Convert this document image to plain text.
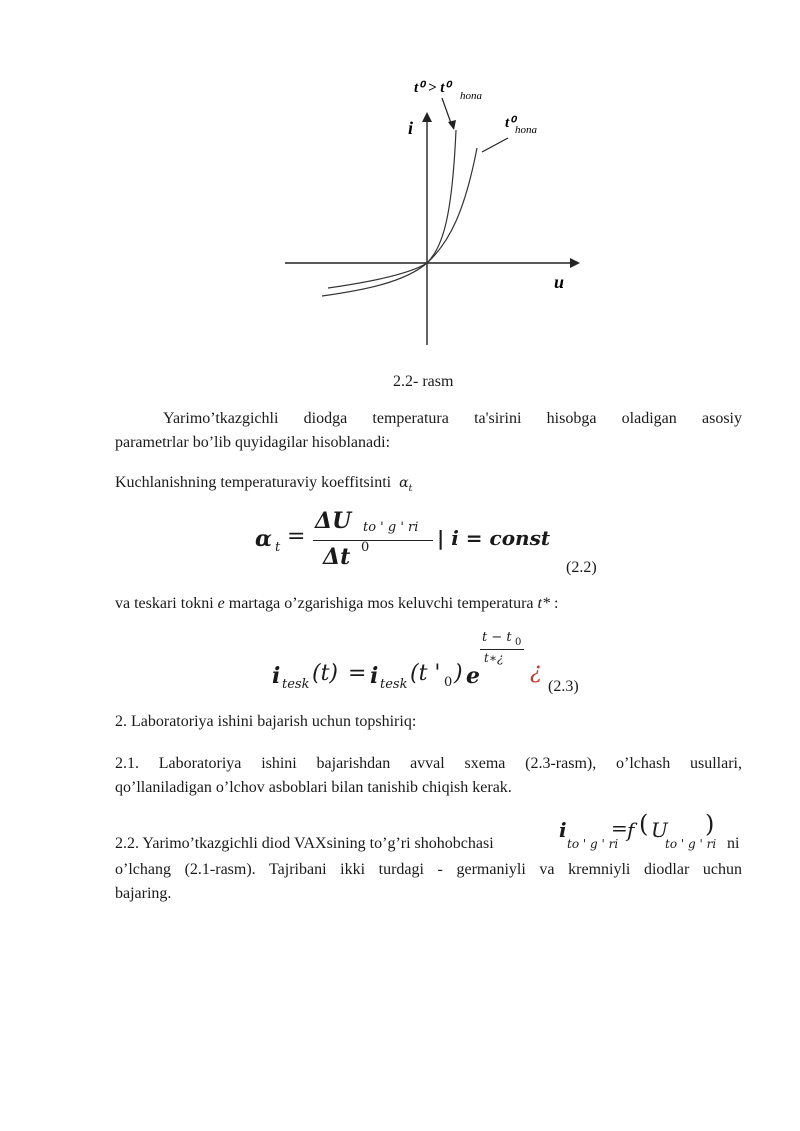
i
u
t⁰ > t⁰ hona
t⁰ hona
2.2- rasm
Yarimo’tkazgichli diodga temperatura ta'sirini hisobga oladigan asosiy
parametrlar bo’lib quyidagilar hisoblanadi:
Kuchlanishning temperaturaviy koeffitsinti $\alpha_t$
α t =
ΔU to ' g ' ri
Δt 0	| i = const
(2.2)
va teskari tokni e martaga o’zgarishiga mos keluvchi temperatura t* :
i tesk (t) = i tesk (t ' 0 ) e
t − t 0
t∗¿
¿
(2.3)
2. Laboratoriya ishini bajarish uchun topshiriq:
2.1. Laboratoriya ishini bajarishdan avval sxema (2.3-rasm), o’lchash usullari,
qo’llaniladigan o’lchov asboblari bilan tanishib chiqish kerak.
2.2. Yarimo’tkazgichli diod VAXsining to’g’ri shohobchasi
i
to ' g ' ri
= f ( U
to ' g ' ri
)
ni
o’lchang (2.1-rasm). Tajribani ikki turdagi - germaniyli va kremniyli diodlar uchun
bajaring.
